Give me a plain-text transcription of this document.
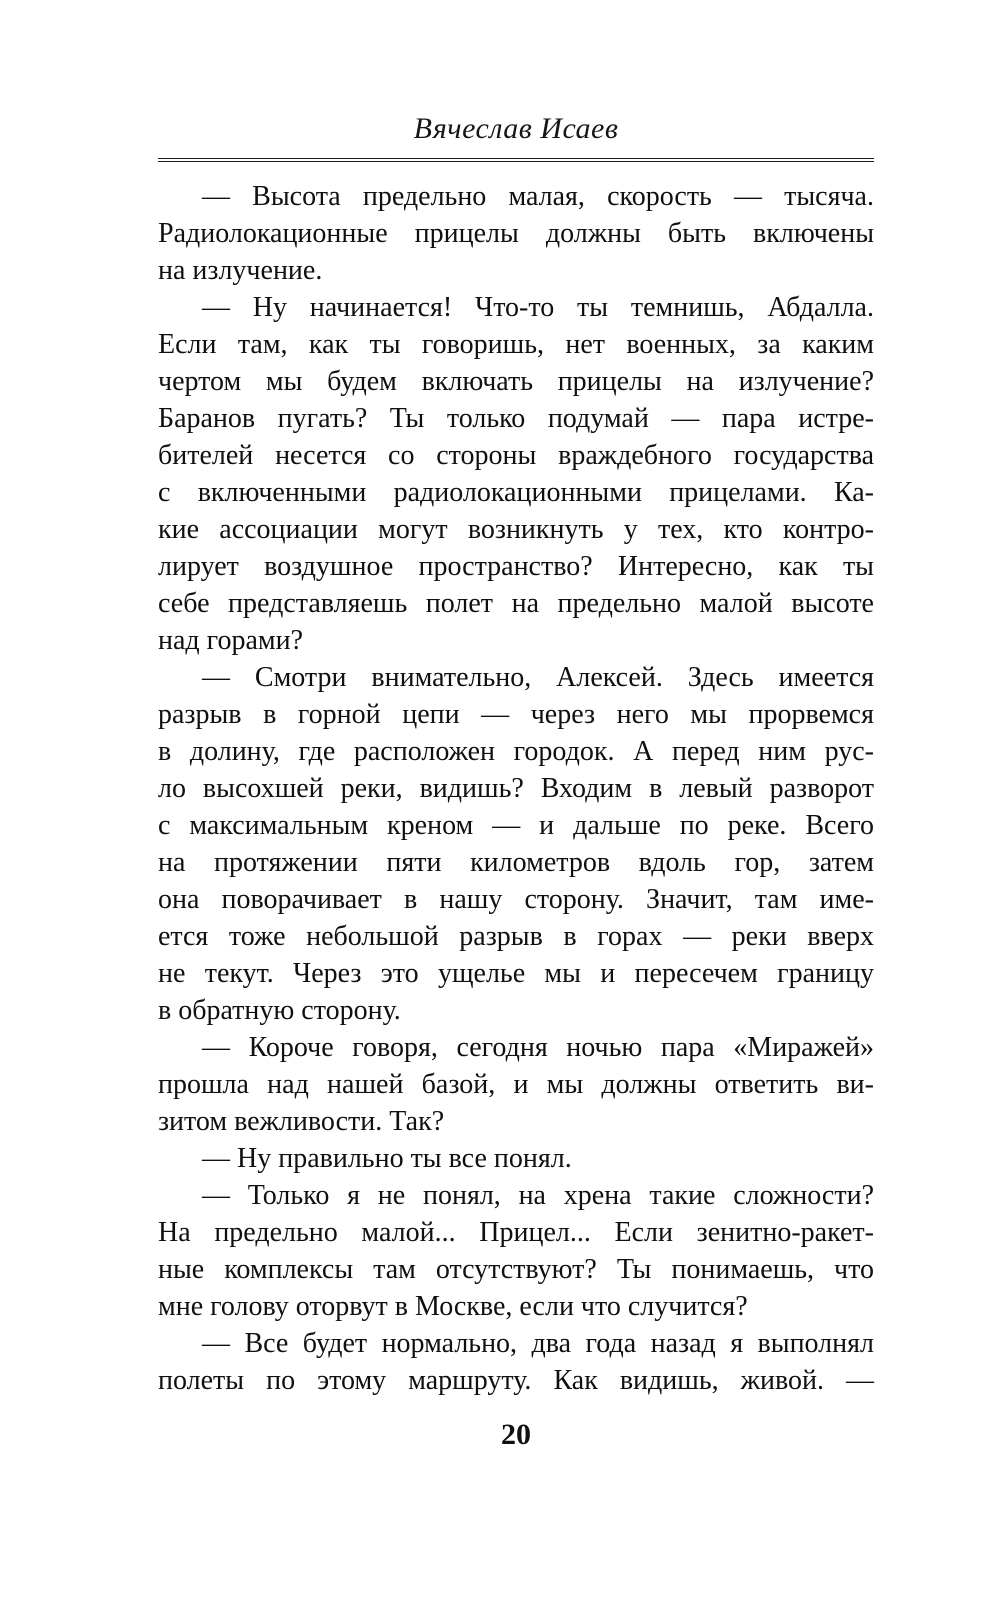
Вячеслав Исаев
— Высота предельно малая, скорость — тысяча.
Радиолокационные прицелы должны быть включены
на излучение.
— Ну начинается! Что-то ты темнишь, Абдалла.
Если там, как ты говоришь, нет военных, за каким
чертом мы будем включать прицелы на излучение?
Баранов пугать? Ты только подумай — пара истре-
бителей несется со стороны враждебного государства
с включенными радиолокационными прицелами. Ка-
кие ассоциации могут возникнуть у тех, кто контро-
лирует воздушное пространство? Интересно, как ты
себе представляешь полет на предельно малой высоте
над горами?
— Смотри внимательно, Алексей. Здесь имеется
разрыв в горной цепи — через него мы прорвемся
в долину, где расположен городок. А перед ним рус-
ло высохшей реки, видишь? Входим в левый разворот
с максимальным креном — и дальше по реке. Всего
на протяжении пяти километров вдоль гор, затем
она поворачивает в нашу сторону. Значит, там име-
ется тоже небольшой разрыв в горах — реки вверх
не текут. Через это ущелье мы и пересечем границу
в обратную сторону.
— Короче говоря, сегодня ночью пара «Миражей»
прошла над нашей базой, и мы должны ответить ви-
зитом вежливости. Так?
— Ну правильно ты все понял.
— Только я не понял, на хрена такие сложности?
На предельно малой... Прицел... Если зенитно-ракет-
ные комплексы там отсутствуют? Ты понимаешь, что
мне голову оторвут в Москве, если что случится?
— Все будет нормально, два года назад я выполнял
полеты по этому маршруту. Как видишь, живой. —
20
